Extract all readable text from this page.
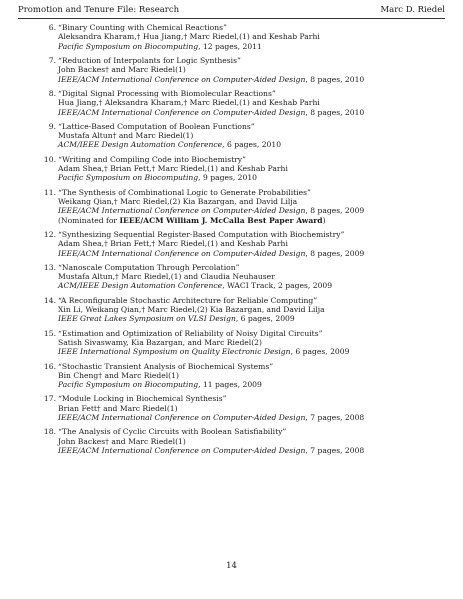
Promotion and Tenure File: Research	Marc D. Riedel
6. “Binary Counting with Chemical Reactions”
Aleksandra Kharam,† Hua Jiang,† Marc Riedel,(1) and Keshab Parhi
Pacific Symposium on Biocomputing, 12 pages, 2011
7. “Reduction of Interpolants for Logic Synthesis”
John Backes† and Marc Riedel(1)
IEEE/ACM International Conference on Computer-Aided Design, 8 pages, 2010
8. “Digital Signal Processing with Biomolecular Reactions”
Hua Jiang,† Aleksandra Kharam,† Marc Riedel,(1) and Keshab Parhi
IEEE/ACM International Conference on Computer-Aided Design, 8 pages, 2010
9. “Lattice-Based Computation of Boolean Functions”
Mustafa Altun† and Marc Riedel(1)
ACM/IEEE Design Automation Conference, 6 pages, 2010
10. “Writing and Compiling Code into Biochemistry”
Adam Shea,† Brian Fett,† Marc Riedel,(1) and Keshab Parhi
Pacific Symposium on Biocomputing, 9 pages, 2010
11. “The Synthesis of Combinational Logic to Generate Probabilities”
Weikang Qian,† Marc Riedel,(2) Kia Bazargan, and David Lilja
IEEE/ACM International Conference on Computer-Aided Design, 8 pages, 2009
(Nominated for IEEE/ACM William J. McCalla Best Paper Award)
12. “Synthesizing Sequential Register-Based Computation with Biochemistry”
Adam Shea,† Brian Fett,† Marc Riedel,(1) and Keshab Parhi
IEEE/ACM International Conference on Computer-Aided Design, 8 pages, 2009
13. “Nanoscale Computation Through Percolation”
Mustafa Altun,† Marc Riedel,(1) and Claudia Neuhauser
ACM/IEEE Design Automation Conference, WACI Track, 2 pages, 2009
14. “A Reconfigurable Stochastic Architecture for Reliable Computing”
Xin Li, Weikang Qian,† Marc Riedel,(2) Kia Bazargan, and David Lilja
IEEE Great Lakes Symposium on VLSI Design, 6 pages, 2009
15. “Estimation and Optimization of Reliability of Noisy Digital Circuits”
Satish Sivaswamy, Kia Bazargan, and Marc Riedel(2)
IEEE International Symposium on Quality Electronic Design, 6 pages, 2009
16. “Stochastic Transient Analysis of Biochemical Systems”
Bin Cheng† and Marc Riedel(1)
Pacific Symposium on Biocomputing, 11 pages, 2009
17. “Module Locking in Biochemical Synthesis”
Brian Fett† and Marc Riedel(1)
IEEE/ACM International Conference on Computer-Aided Design, 7 pages, 2008
18. “The Analysis of Cyclic Circuits with Boolean Satisfiability”
John Backes† and Marc Riedel(1)
IEEE/ACM International Conference on Computer-Aided Design, 7 pages, 2008
14
